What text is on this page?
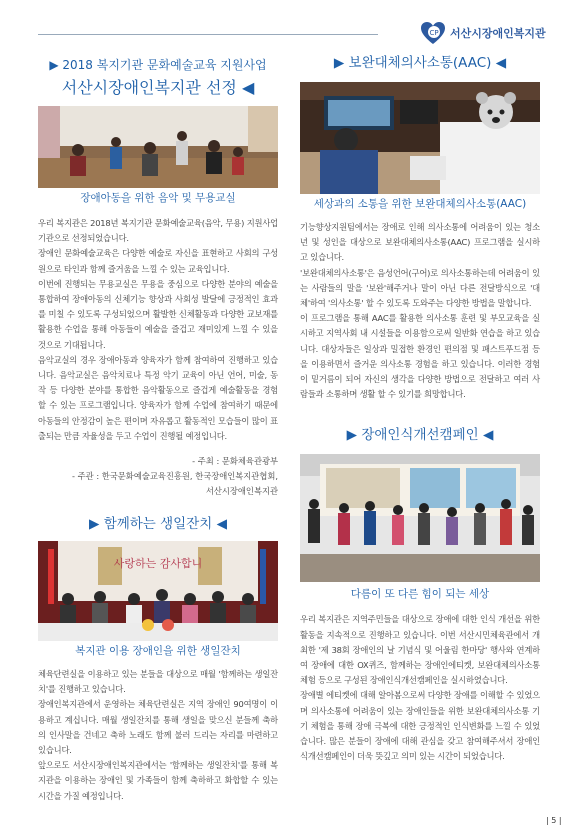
CP 서산시장애인복지관
▶ 2018 복지기관 문화예술교육 지원사업
서산시장애인복지관 선정 ◀
장애아동을 위한 음악 및 무용교실

우리 복지관은 2018년 복지기관 문화예술교육(음악, 무용) 지원사업 기관으로 선정되었습니다.

장애인 문화예술교육은 다양한 예술로 자신을 표현하고 사회의 구성원으로 타인과 함께 즐거움을 느낄 수 있는 교육입니다.

이번에 진행되는 무용교실은 무용을 중심으로 다양한 분야의 예술을 통합하여 장애아동의 신체기능 향상과 사회성 발달에 긍정적인 효과를 미칠 수 있도록 구성되었으며 활발한 신체활동과 다양한 교보재를 활용한 수업을 통해 아동들이 예술을 즐겁고 재미있게 느낄 수 있을 것으로 기대됩니다.

음악교실의 경우 장애아동과 양육자가 함께 참여하여 진행하고 있습니다. 음악교실은 음악치료나 특정 악기 교육이 아닌 언어, 미술, 동작 등 다양한 분야를 통합한 음악활동으로 즐겁게 예술활동을 경험 할 수 있는 프로그램입니다. 양육자가 함께 수업에 참여하기 때문에 아동들의 안정감이 높은 편이며 자유롭고 활동적인 모습들이 많이 표출되는 만큼 자율성을 두고 수업이 진행될 예정입니다.

- 주최 : 문화체육관광부
- 주관 : 한국문화예술교육진흥원, 한국장애인복지관협회,
서산시장애인복지관
▶ 함께하는 생일잔치 ◀
사랑하는 감사합니
복지관 이용 장애인을 위한 생일잔치

체육단련실을 이용하고 있는 분들을 대상으로 매월 '함께하는 생일잔치'를 진행하고 있습니다.

장애인복지관에서 운영하는 체육단련실은 지역 장애인 90여명이 이용하고 계십니다. 매월 생일잔치를 통해 생일을 맞으신 분들께 축하의 인사말을 건네고 축하 노래도 함께 불러 드리는 자리를 마련하고 있습니다.

앞으로도 서산시장애인복지관에서는 '함께하는 생일잔치'를 통해 복지관을 이용하는 장애인 및 가족들이 함께 축하하고 화합할 수 있는 시간을 가질 예정입니다.

▶ 보완대체의사소통(AAC) ◀
세상과의 소통을 위한 보완대체의사소통(AAC)

기능향상지원팀에서는 장애로 인해 의사소통에 어려움이 있는 청소년 및 성인을 대상으로 보완대체의사소통(AAC) 프로그램을 실시하고 있습니다.

'보완대체의사소통'은 음성언어(구어)로 의사소통하는데 어려움이 있는 사람들의 말을 '보완'해주거나 말이 아닌 다른 전달방식으로 '대체'하여 '의사소통' 할 수 있도록 도와주는 다양한 방법을 말합니다.

이 프로그램을 통해 AAC를 활용한 의사소통 훈련 및 부모교육을 실시하고 지역사회 내 시설들을 이용함으로써 일반화 연습을 하고 있습니다. 대상자들은 일상과 밀접한 환경인 편의점 및 패스트푸드점 등을 이용하면서 즐거운 의사소통 경험을 하고 있습니다. 이러한 경험이 밑거름이 되어 자신의 생각을 다양한 방법으로 전달하고 여러 사람들과 소통하며 생활 할 수 있기를 희망합니다.

▶ 장애인식개선캠페인 ◀
다름이 또 다른 힘이 되는 세상

우리 복지관은 지역주민들을 대상으로 장애에 대한 인식 개선을 위한 활동을 지속적으로 진행하고 있습니다. 이번 서산시민체육관에서 개최한 '제 38회 장애인의 날 기념식 및 어울림 한마당' 행사와 연계하여 장애에 대한 OX퀴즈, 함께하는 장애인에티켓, 보완대체의사소통 체험 등으로 구성된 장애인식개선캠페인을 실시하였습니다.

장애별 에티켓에 대해 알아봄으로써 다양한 장애를 이해할 수 있었으며 의사소통에 어려움이 있는 장애인들을 위한 보완대체의사소통 기기 체험을 통해 장애 극복에 대한 긍정적인 인식변화를 느낄 수 있었습니다. 많은 분들이 장애에 대해 관심을 갖고 참여해주셔서 장애인식개선캠페인이 더욱 뜻깊고 의미 있는 시간이 되었습니다.

| 5 |
